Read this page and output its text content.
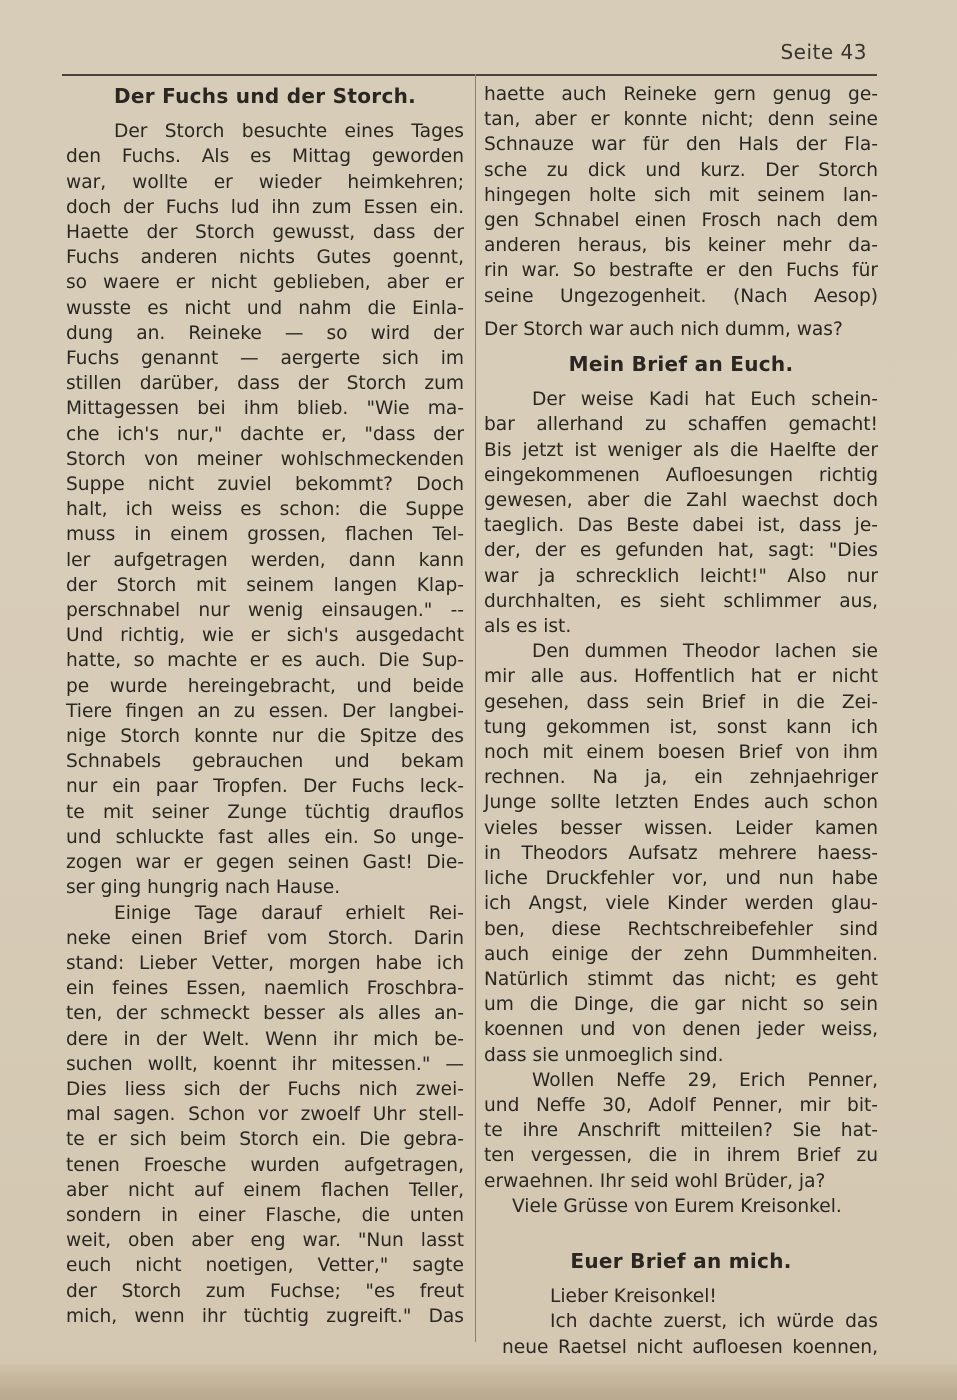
Seite 43
Der Fuchs und der Storch.
Der Storch besuchte eines Tages
den Fuchs. Als es Mittag geworden
war, wollte er wieder heimkehren;
doch der Fuchs lud ihn zum Essen ein.
Haette der Storch gewusst, dass der
Fuchs anderen nichts Gutes goennt,
so waere er nicht geblieben, aber er
wusste es nicht und nahm die Einla-
dung an. Reineke — so wird der
Fuchs genannt — aergerte sich im
stillen darüber, dass der Storch zum
Mittagessen bei ihm blieb. "Wie ma-
che ich's nur," dachte er, "dass der
Storch von meiner wohlschmeckenden
Suppe nicht zuviel bekommt? Doch
halt, ich weiss es schon: die Suppe
muss in einem grossen, flachen Tel-
ler aufgetragen werden, dann kann
der Storch mit seinem langen Klap-
perschnabel nur wenig einsaugen." --
Und richtig, wie er sich's ausgedacht
hatte, so machte er es auch. Die Sup-
pe wurde hereingebracht, und beide
Tiere fingen an zu essen. Der langbei-
nige Storch konnte nur die Spitze des
Schnabels gebrauchen und bekam
nur ein paar Tropfen. Der Fuchs leck-
te mit seiner Zunge tüchtig drauflos
und schluckte fast alles ein. So unge-
zogen war er gegen seinen Gast! Die-
ser ging hungrig nach Hause.
Einige Tage darauf erhielt Rei-
neke einen Brief vom Storch. Darin
stand: Lieber Vetter, morgen habe ich
ein feines Essen, naemlich Froschbra-
ten, der schmeckt besser als alles an-
dere in der Welt. Wenn ihr mich be-
suchen wollt, koennt ihr mitessen." —
Dies liess sich der Fuchs nich zwei-
mal sagen. Schon vor zwoelf Uhr stell-
te er sich beim Storch ein. Die gebra-
tenen Froesche wurden aufgetragen,
aber nicht auf einem flachen Teller,
sondern in einer Flasche, die unten
weit, oben aber eng war. "Nun lasst
euch nicht noetigen, Vetter," sagte
der Storch zum Fuchse; "es freut
mich, wenn ihr tüchtig zugreift." Das
haette auch Reineke gern genug ge-
tan, aber er konnte nicht; denn seine
Schnauze war für den Hals der Fla-
sche zu dick und kurz. Der Storch
hingegen holte sich mit seinem lan-
gen Schnabel einen Frosch nach dem
anderen heraus, bis keiner mehr da-
rin war. So bestrafte er den Fuchs für
seine Ungezogenheit. (Nach Aesop)
Der Storch war auch nich dumm, was?
Mein Brief an Euch.
Der weise Kadi hat Euch schein-
bar allerhand zu schaffen gemacht!
Bis jetzt ist weniger als die Haelfte der
eingekommenen Aufloesungen richtig
gewesen, aber die Zahl waechst doch
taeglich. Das Beste dabei ist, dass je-
der, der es gefunden hat, sagt: "Dies
war ja schrecklich leicht!" Also nur
durchhalten, es sieht schlimmer aus,
als es ist.
Den dummen Theodor lachen sie
mir alle aus. Hoffentlich hat er nicht
gesehen, dass sein Brief in die Zei-
tung gekommen ist, sonst kann ich
noch mit einem boesen Brief von ihm
rechnen. Na ja, ein zehnjaehriger
Junge sollte letzten Endes auch schon
vieles besser wissen. Leider kamen
in Theodors Aufsatz mehrere haess-
liche Druckfehler vor, und nun habe
ich Angst, viele Kinder werden glau-
ben, diese Rechtschreibefehler sind
auch einige der zehn Dummheiten.
Natürlich stimmt das nicht; es geht
um die Dinge, die gar nicht so sein
koennen und von denen jeder weiss,
dass sie unmoeglich sind.
Wollen Neffe 29, Erich Penner,
und Neffe 30, Adolf Penner, mir bit-
te ihre Anschrift mitteilen? Sie hat-
ten vergessen, die in ihrem Brief zu
erwaehnen. Ihr seid wohl Brüder, ja?
Viele Grüsse von Eurem Kreisonkel.
Euer Brief an mich.
Lieber Kreisonkel!
Ich dachte zuerst, ich würde das
neue Raetsel nicht aufloesen koennen,
